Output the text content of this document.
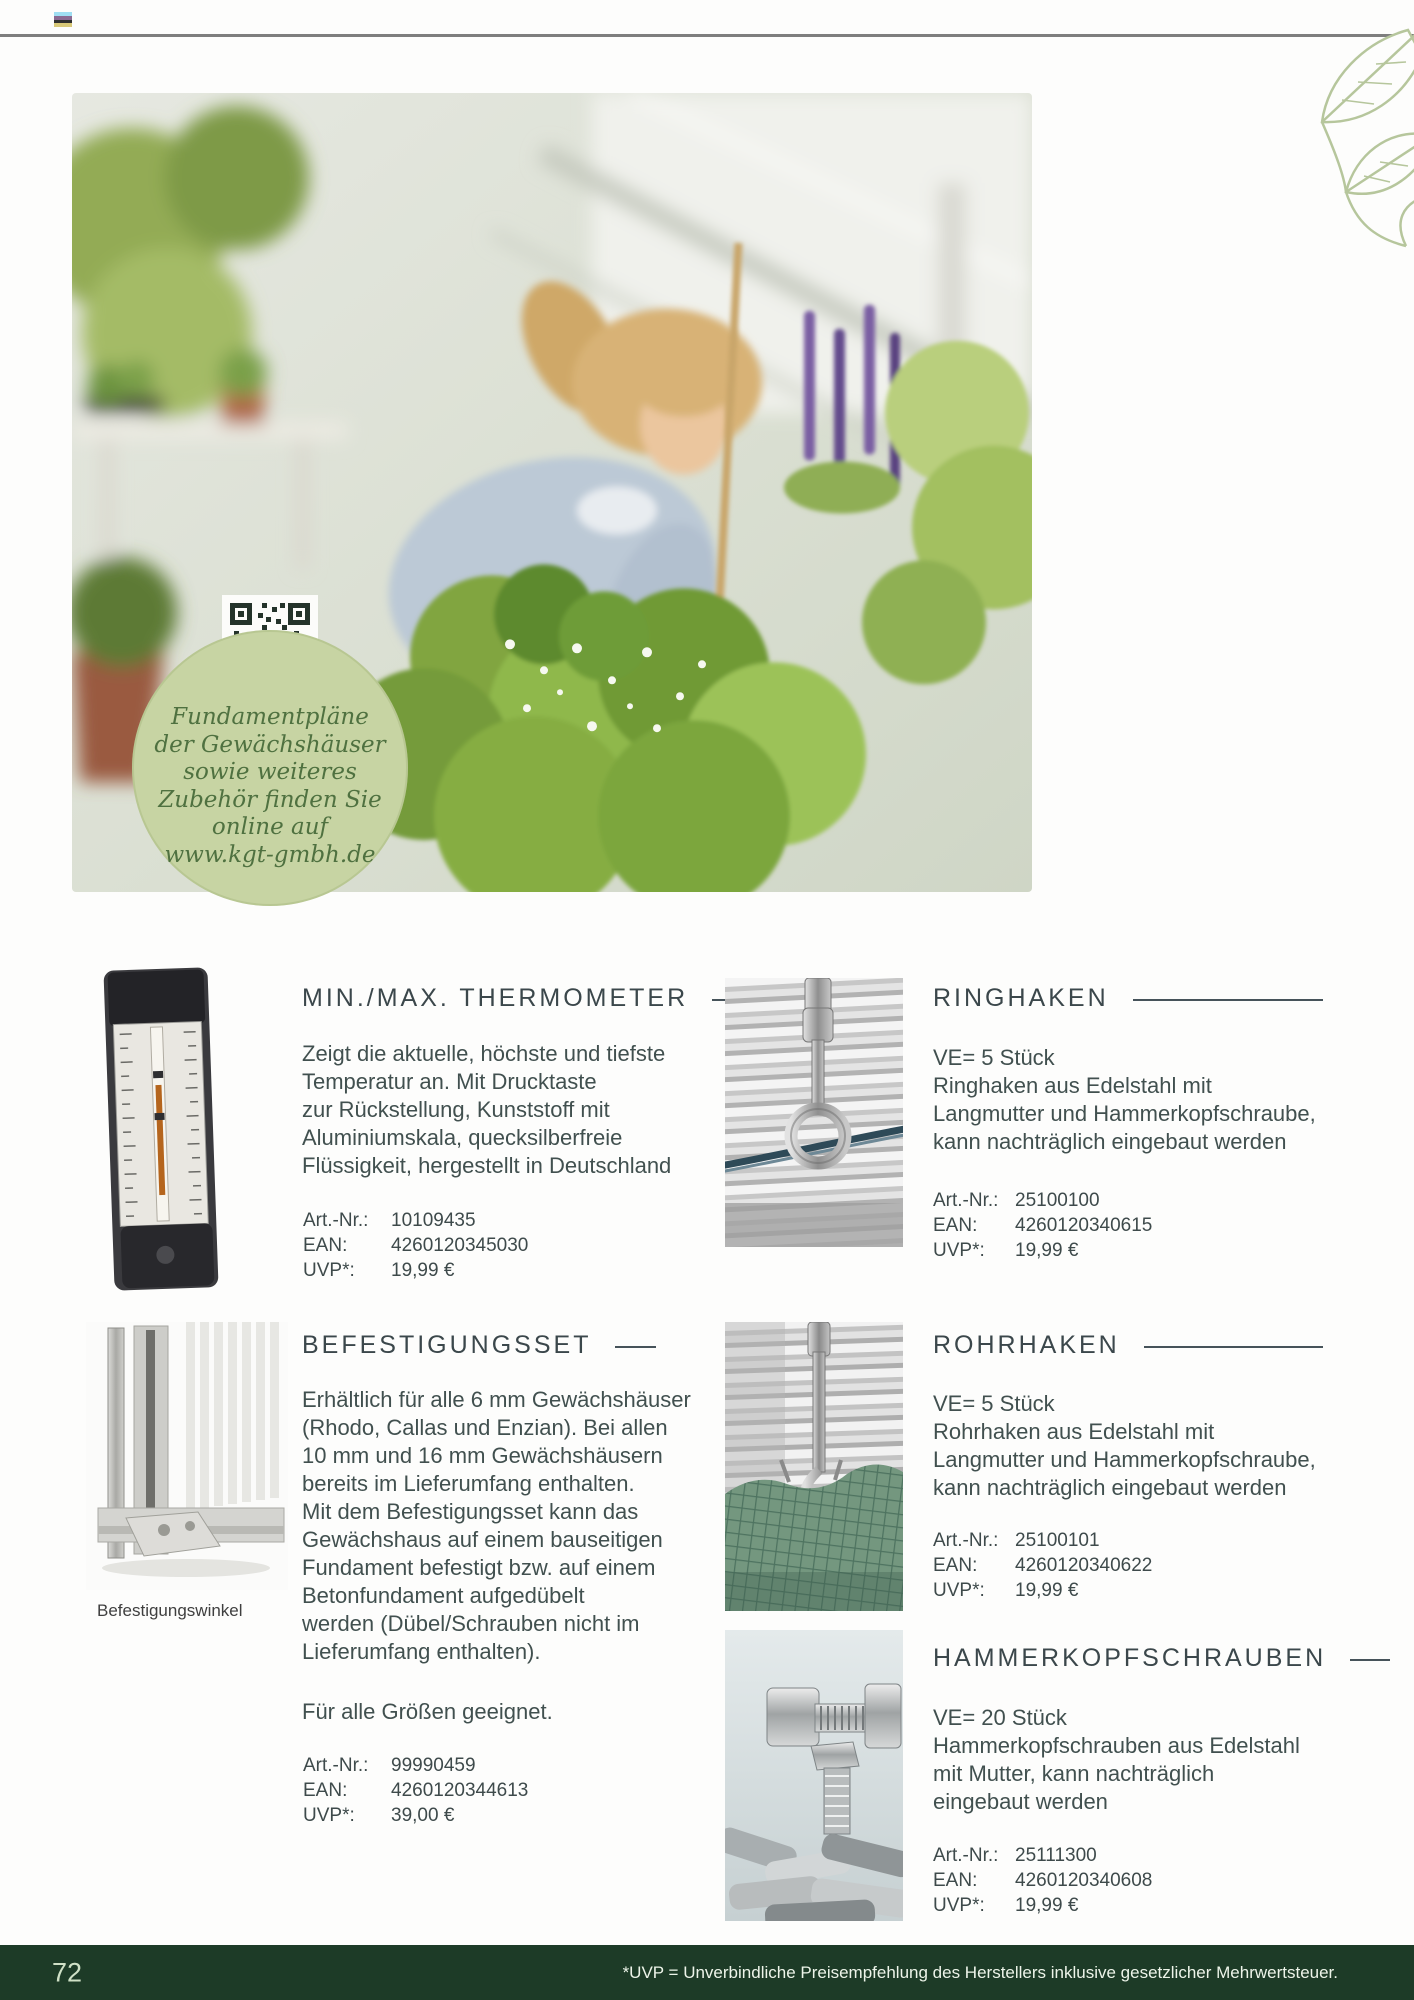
Fundamentpläne
der Gewächshäuser
sowie weiteres
Zubehör finden Sie
online auf
www.kgt-gmbh.de
MIN./MAX. THERMOMETER
Zeigt die aktuelle, höchste und tiefste
Temperatur an. Mit Drucktaste
zur Rückstellung, Kunststoff mit
Aluminiumskala, quecksilberfreie
Flüssigkeit, hergestellt in Deutschland
Art.-Nr.: 10109435
EAN: 4260120345030
UVP*: 19,99 €
RINGHAKEN
VE= 5 Stück
Ringhaken aus Edelstahl mit
Langmutter und Hammerkopfschraube,
kann nachträglich eingebaut werden
Art.-Nr.: 25100100
EAN: 4260120340615
UVP*: 19,99 €
Befestigungswinkel
BEFESTIGUNGSSET
Erhältlich für alle 6 mm Gewächshäuser
(Rhodo, Callas und Enzian). Bei allen
10 mm und 16 mm Gewächshäusern
bereits im Lieferumfang enthalten.
Mit dem Befestigungsset kann das
Gewächshaus auf einem bauseitigen
Fundament befestigt bzw. auf einem
Betonfundament aufgedübelt
werden (Dübel/Schrauben nicht im
Lieferumfang enthalten).
Für alle Größen geeignet.
Art.-Nr.: 99990459
EAN: 4260120344613
UVP*: 39,00 €
ROHRHAKEN
VE= 5 Stück
Rohrhaken aus Edelstahl mit
Langmutter und Hammerkopfschraube,
kann nachträglich eingebaut werden
Art.-Nr.: 25100101
EAN: 4260120340622
UVP*: 19,99 €
HAMMERKOPFSCHRAUBEN
VE= 20 Stück
Hammerkopfschrauben aus Edelstahl
mit Mutter, kann nachträglich
eingebaut werden
Art.-Nr.: 25111300
EAN: 4260120340608
UVP*: 19,99 €
72	*UVP = Unverbindliche Preisempfehlung des Herstellers inklusive gesetzlicher Mehrwertsteuer.
